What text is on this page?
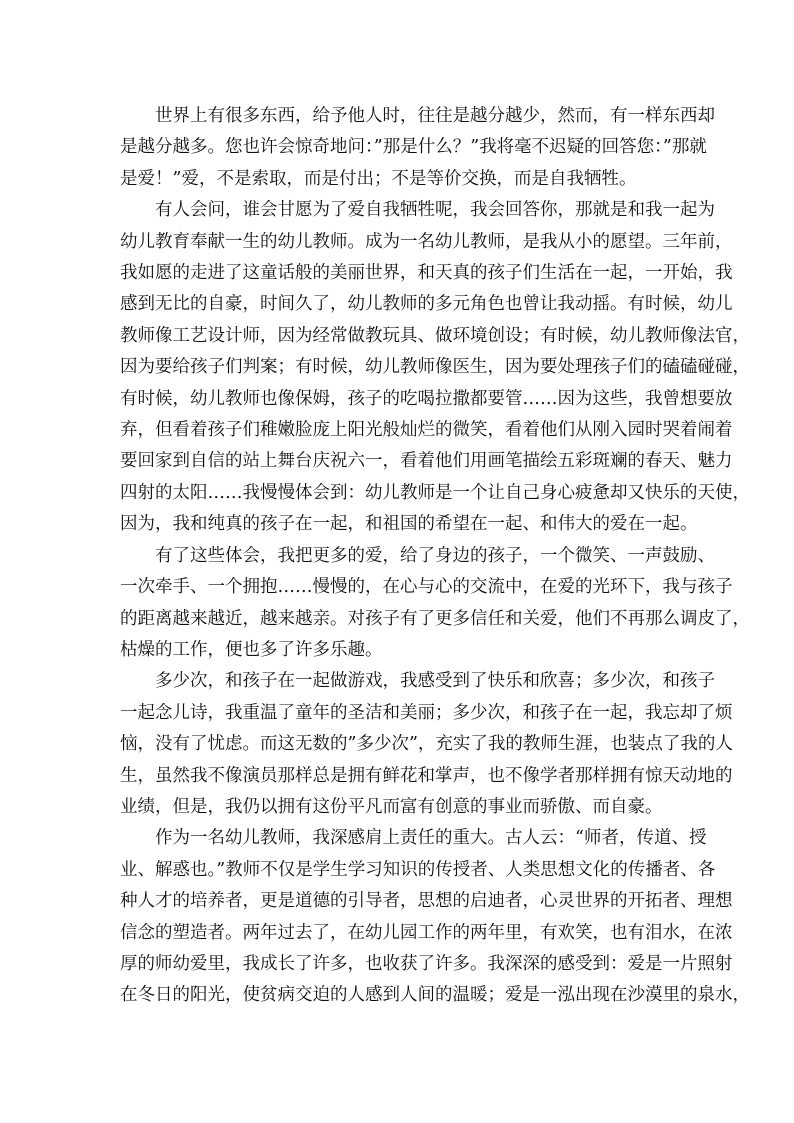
　　世界上有很多东西，给予他人时，往往是越分越少，然而，有一样东西却
是越分越多。您也许会惊奇地问：”那是什么？”我将毫不迟疑的回答您：”那就
是爱！”爱，不是索取，而是付出；不是等价交换，而是自我牺牲。

　　有人会问，谁会甘愿为了爱自我牺牲呢，我会回答你，那就是和我一起为
幼儿教育奉献一生的幼儿教师。成为一名幼儿教师，是我从小的愿望。三年前，
我如愿的走进了这童话般的美丽世界，和天真的孩子们生活在一起，一开始，我
感到无比的自豪，时间久了，幼儿教师的多元角色也曾让我动摇。有时候，幼儿
教师像工艺设计师，因为经常做教玩具、做环境创设；有时候，幼儿教师像法官，
因为要给孩子们判案；有时候，幼儿教师像医生，因为要处理孩子们的磕磕碰碰，
有时候，幼儿教师也像保姆，孩子的吃喝拉撒都要管……因为这些，我曾想要放
弃，但看着孩子们稚嫩脸庞上阳光般灿烂的微笑，看着他们从刚入园时哭着闹着
要回家到自信的站上舞台庆祝六一，看着他们用画笔描绘五彩斑斓的春天、魅力
四射的太阳……我慢慢体会到：幼儿教师是一个让自己身心疲惫却又快乐的天使，
因为，我和纯真的孩子在一起，和祖国的希望在一起、和伟大的爱在一起。

　　有了这些体会，我把更多的爱，给了身边的孩子，一个微笑、一声鼓励、
一次牵手、一个拥抱……慢慢的，在心与心的交流中，在爱的光环下，我与孩子
的距离越来越近，越来越亲。对孩子有了更多信任和关爱，他们不再那么调皮了，
枯燥的工作，便也多了许多乐趣。

　　多少次，和孩子在一起做游戏，我感受到了快乐和欣喜；多少次，和孩子
一起念儿诗，我重温了童年的圣洁和美丽；多少次，和孩子在一起，我忘却了烦
恼，没有了忧虑。而这无数的”多少次”，充实了我的教师生涯，也装点了我的人
生，虽然我不像演员那样总是拥有鲜花和掌声，也不像学者那样拥有惊天动地的
业绩，但是，我仍以拥有这份平凡而富有创意的事业而骄傲、而自豪。

　　作为一名幼儿教师，我深感肩上责任的重大。古人云：“师者，传道、授
业、解惑也。”教师不仅是学生学习知识的传授者、人类思想文化的传播者、各
种人才的培养者，更是道德的引导者，思想的启迪者，心灵世界的开拓者、理想
信念的塑造者。两年过去了，在幼儿园工作的两年里，有欢笑，也有泪水，在浓
厚的师幼爱里，我成长了许多，也收获了许多。我深深的感受到：爱是一片照射
在冬日的阳光，使贫病交迫的人感到人间的温暖；爱是一泓出现在沙漠里的泉水，
